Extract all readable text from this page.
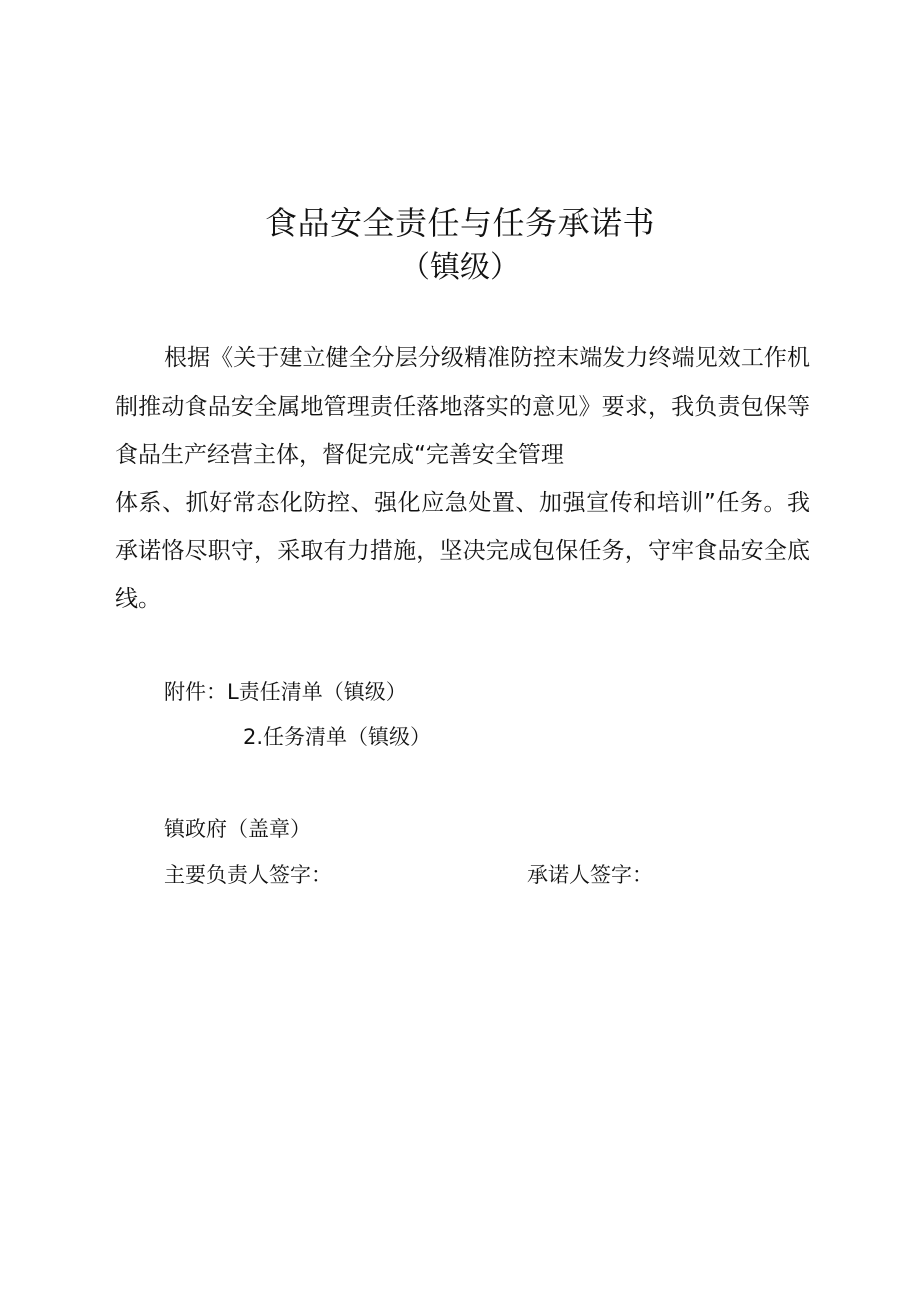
食品安全责任与任务承诺书
（镇级）
根据《关于建立健全分层分级精准防控末端发力终端见效工作机
制推动食品安全属地管理责任落地落实的意见》要求，我负责包保等
食品生产经营主体，督促完成“完善安全管理
体系、抓好常态化防控、强化应急处置、加强宣传和培训”任务。我
承诺恪尽职守，采取有力措施，坚决完成包保任务，守牢食品安全底
线。
附件：L责任清单（镇级）
2.任务清单（镇级）
镇政府（盖章）
主要负责人签字：	承诺人签字：
